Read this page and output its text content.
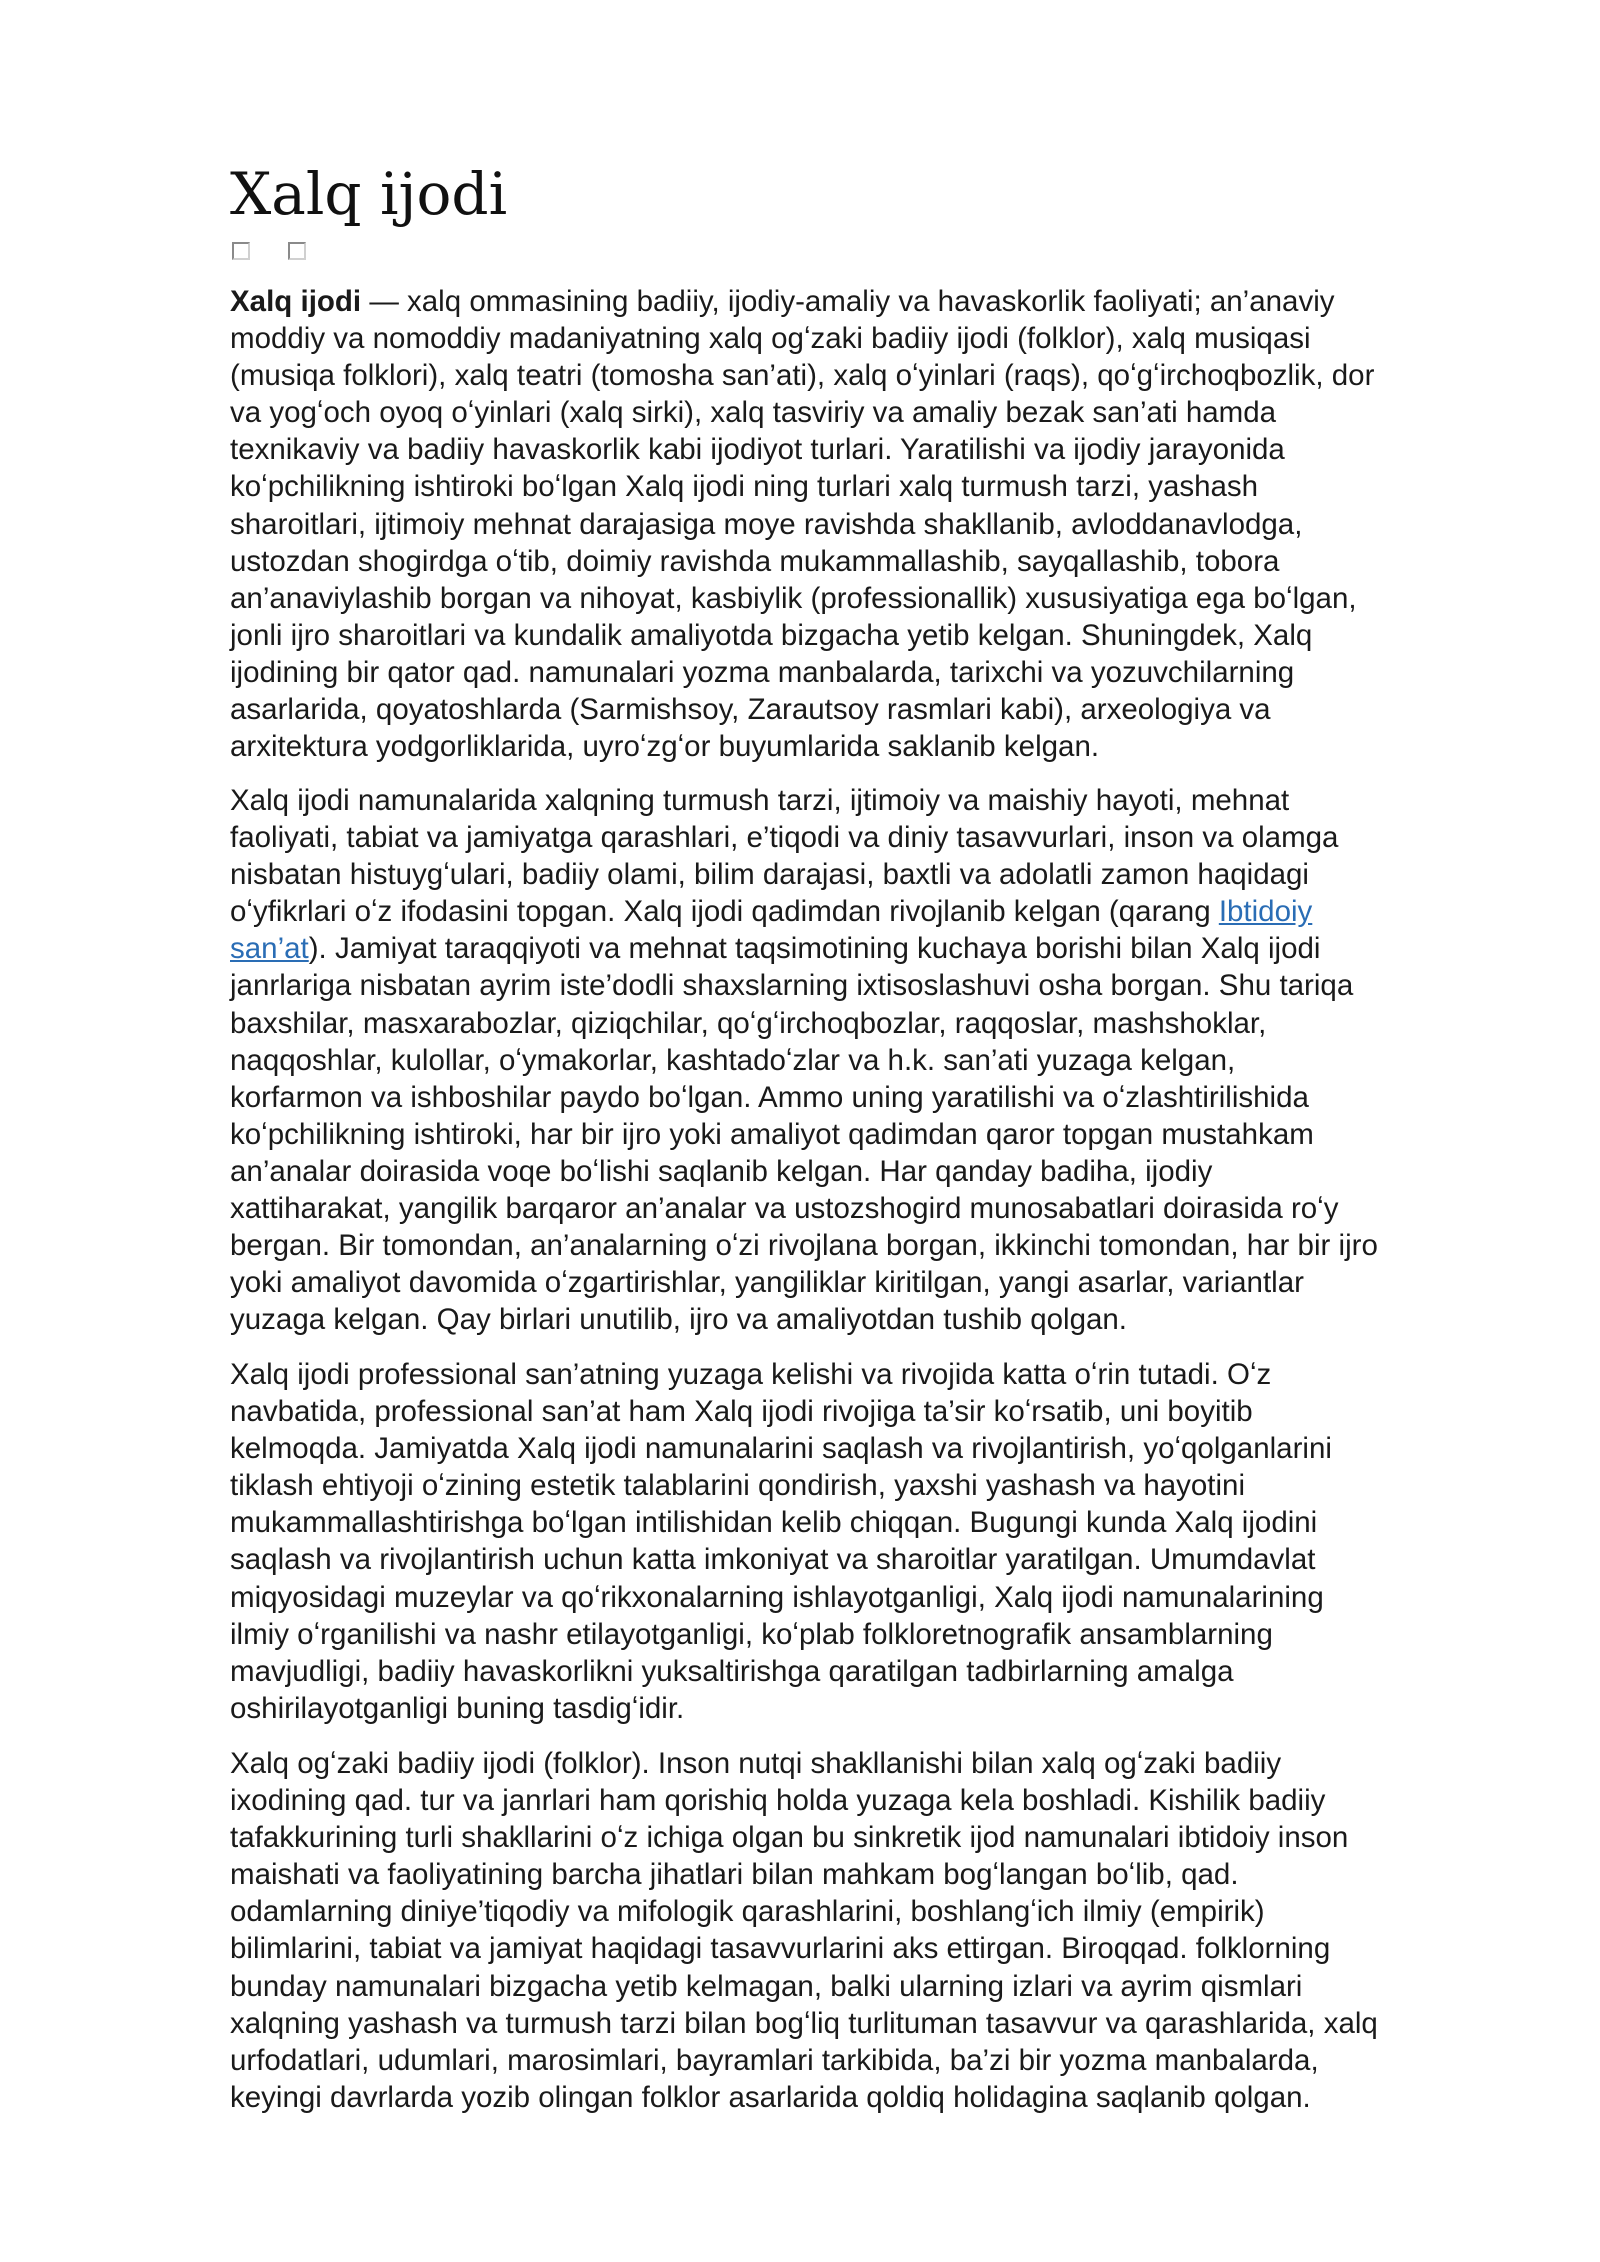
Xalq ijodi

Xalq ijodi — xalq ommasining badiiy, ijodiy-amaliy va havaskorlik faoliyati; an’anaviy
moddiy va nomoddiy madaniyatning xalq ogʻzaki badiiy ijodi (folklor), xalq musiqasi
(musiqa folklori), xalq teatri (tomosha san’ati), xalq oʻyinlari (raqs), qoʻgʻirchoqbozlik, dor
va yogʻoch oyoq oʻyinlari (xalq sirki), xalq tasviriy va amaliy bezak san’ati hamda
texnikaviy va badiiy havaskorlik kabi ijodiyot turlari. Yaratilishi va ijodiy jarayonida
koʻpchilikning ishtiroki boʻlgan Xalq ijodi ning turlari xalq turmush tarzi, yashash
sharoitlari, ijtimoiy mehnat darajasiga moye ravishda shakllanib, avloddanavlodga,
ustozdan shogirdga oʻtib, doimiy ravishda mukammallashib, sayqallashib, tobora
an’anaviylashib borgan va nihoyat, kasbiylik (professionallik) xususiyatiga ega boʻlgan,
jonli ijro sharoitlari va kundalik amaliyotda bizgacha yetib kelgan. Shuningdek, Xalq
ijodining bir qator qad. namunalari yozma manbalarda, tarixchi va yozuvchilarning
asarlarida, qoyatoshlarda (Sarmishsoy, Zarautsoy rasmlari kabi), arxeologiya va
arxitektura yodgorliklarida, uyroʻzgʻor buyumlarida saklanib kelgan.

Xalq ijodi namunalarida xalqning turmush tarzi, ijtimoiy va maishiy hayoti, mehnat
faoliyati, tabiat va jamiyatga qarashlari, e’tiqodi va diniy tasavvurlari, inson va olamga
nisbatan histuygʻulari, badiiy olami, bilim darajasi, baxtli va adolatli zamon haqidagi
oʻyfikrlari oʻz ifodasini topgan. Xalq ijodi qadimdan rivojlanib kelgan (qarang Ibtidoiy
san’at). Jamiyat taraqqiyoti va mehnat taqsimotining kuchaya borishi bilan Xalq ijodi
janrlariga nisbatan ayrim iste’dodli shaxslarning ixtisoslashuvi osha borgan. Shu tariqa
baxshilar, masxarabozlar, qiziqchilar, qoʻgʻirchoqbozlar, raqqoslar, mashshoklar,
naqqoshlar, kulollar, oʻymakorlar, kashtadoʻzlar va h.k. san’ati yuzaga kelgan,
korfarmon va ishboshilar paydo boʻlgan. Ammo uning yaratilishi va oʻzlashtirilishida
koʻpchilikning ishtiroki, har bir ijro yoki amaliyot qadimdan qaror topgan mustahkam
an’analar doirasida voqe boʻlishi saqlanib kelgan. Har qanday badiha, ijodiy
xattiharakat, yangilik barqaror an’analar va ustozshogird munosabatlari doirasida roʻy
bergan. Bir tomondan, an’analarning oʻzi rivojlana borgan, ikkinchi tomondan, har bir ijro
yoki amaliyot davomida oʻzgartirishlar, yangiliklar kiritilgan, yangi asarlar, variantlar
yuzaga kelgan. Qay birlari unutilib, ijro va amaliyotdan tushib qolgan.

Xalq ijodi professional san’atning yuzaga kelishi va rivojida katta oʻrin tutadi. Oʻz
navbatida, professional san’at ham Xalq ijodi rivojiga ta’sir koʻrsatib, uni boyitib
kelmoqda. Jamiyatda Xalq ijodi namunalarini saqlash va rivojlantirish, yoʻqolganlarini
tiklash ehtiyoji oʻzining estetik talablarini qondirish, yaxshi yashash va hayotini
mukammallashtirishga boʻlgan intilishidan kelib chiqqan. Bugungi kunda Xalq ijodini
saqlash va rivojlantirish uchun katta imkoniyat va sharoitlar yaratilgan. Umumdavlat
miqyosidagi muzeylar va qoʻrikxonalarning ishlayotganligi, Xalq ijodi namunalarining
ilmiy oʻrganilishi va nashr etilayotganligi, koʻplab folkloretnografik ansamblarning
mavjudligi, badiiy havaskorlikni yuksaltirishga qaratilgan tadbirlarning amalga
oshirilayotganligi buning tasdigʻidir.

Xalq ogʻzaki badiiy ijodi (folklor). Inson nutqi shakllanishi bilan xalq ogʻzaki badiiy
ixodining qad. tur va janrlari ham qorishiq holda yuzaga kela boshladi. Kishilik badiiy
tafakkurining turli shakllarini oʻz ichiga olgan bu sinkretik ijod namunalari ibtidoiy inson
maishati va faoliyatining barcha jihatlari bilan mahkam bogʻlangan boʻlib, qad.
odamlarning diniye’tiqodiy va mifologik qarashlarini, boshlangʻich ilmiy (empirik)
bilimlarini, tabiat va jamiyat haqidagi tasavvurlarini aks ettirgan. Biroqqad. folklorning
bunday namunalari bizgacha yetib kelmagan, balki ularning izlari va ayrim qismlari
xalqning yashash va turmush tarzi bilan bogʻliq turlituman tasavvur va qarashlarida, xalq
urfodatlari, udumlari, marosimlari, bayramlari tarkibida, ba’zi bir yozma manbalarda,
keyingi davrlarda yozib olingan folklor asarlarida qoldiq holidagina saqlanib qolgan.
